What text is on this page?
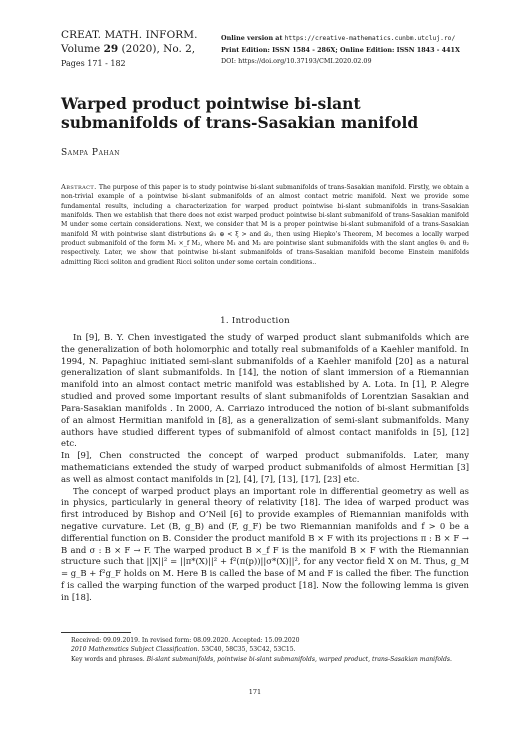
CREAT. MATH. INFORM.
Volume 29 (2020), No. 2,
Pages 171 - 182
Online version at https://creative-mathematics.cunbm.utcluj.ro/
Print Edition: ISSN 1584 - 286X; Online Edition: ISSN 1843 - 441X
DOI: https://doi.org/10.37193/CMI.2020.02.09
Warped product pointwise bi-slant submanifolds of trans-Sasakian manifold
Sampa Pahan
Abstract. The purpose of this paper is to study pointwise bi-slant submanifolds of trans-Sasakian manifold. Firstly, we obtain a non-trivial example of a pointwise bi-slant submanifolds of an almost contact metric manifold. Next we provide some fundamental results, including a characterization for warped product pointwise bi-slant submanifolds in trans-Sasakian manifolds. Then we establish that there does not exist warped product pointwise bi-slant submanifold of trans-Sasakian manifold M under some certain considerations. Next, we consider that M is a proper pointwise bi-slant submanifold of a trans-Sasakian manifold M̄ with pointwise slant distrbutions 𝒟₁ ⊕ < ξ > and 𝒟₂, then using Hiepko’s Theorem, M becomes a locally warped product submanifold of the form M₁ ×_f M₂, where M₁ and M₂ are pointwise slant submanifolds with the slant angles θ₁ and θ₂ respectively. Later, we show that pointwise bi-slant submanifolds of trans-Sasakian manifold become Einstein manifolds admitting Ricci soliton and gradient Ricci soliton under some certain conditions..
1. Introduction

In [9], B. Y. Chen investigated the study of warped product slant submanifolds which are the generalization of both holomorphic and totally real submanifolds of a Kaehler manifold. In 1994, N. Papaghiuc initiated semi-slant submanifolds of a Kaehler manifold [20] as a natural generalization of slant submanifolds. In [14], the notion of slant immersion of a Riemannian manifold into an almost contact metric manifold was established by A. Lota. In [1], P. Alegre studied and proved some important results of slant submanifolds of Lorentzian Sasakian and Para-Sasakian manifolds . In 2000, A. Carriazo introduced the notion of bi-slant submanifolds of an almost Hermitian manifold in [8], as a generalization of semi-slant submanifolds. Many authors have studied different types of submanifold of almost contact manifolds in [5], [12] etc.

In [9], Chen constructed the concept of warped product submanifolds. Later, many mathematicians extended the study of warped product submanifolds of almost Hermitian [3] as well as almost contact manifolds in [2], [4], [7], [13], [17], [23] etc.

The concept of warped product plays an important role in differential geometry as well as in physics, particularly in general theory of relativity [18]. The idea of warped product was first introduced by Bishop and O’Neil [6] to provide examples of Riemannian manifolds with negative curvature. Let (B, g_B) and (F, g_F) be two Riemannian manifolds and f > 0 be a differential function on B. Consider the product manifold B × F with its projections π : B × F → B and σ : B × F → F. The warped product B ×_f F is the manifold B × F with the Riemannian structure such that ||X||² = ||π*(X)||² + f²(π(p))||σ*(X)||², for any vector field X on M. Thus, g_M = g_B + f²g_F holds on M. Here B is called the base of M and F is called the fiber. The function f is called the warping function of the warped product [18]. Now the following lemma is given in [18].

Received: 09.09.2019. In revised form: 08.09.2020. Accepted: 15.09.2020

2010 Mathematics Subject Classification. 53C40, 58C35, 53C42, 53C15.

Key words and phrases. Bi-slant submanifolds, pointwise bi-slant submanifolds, warped product, trans-Sasakian manifolds.

171
